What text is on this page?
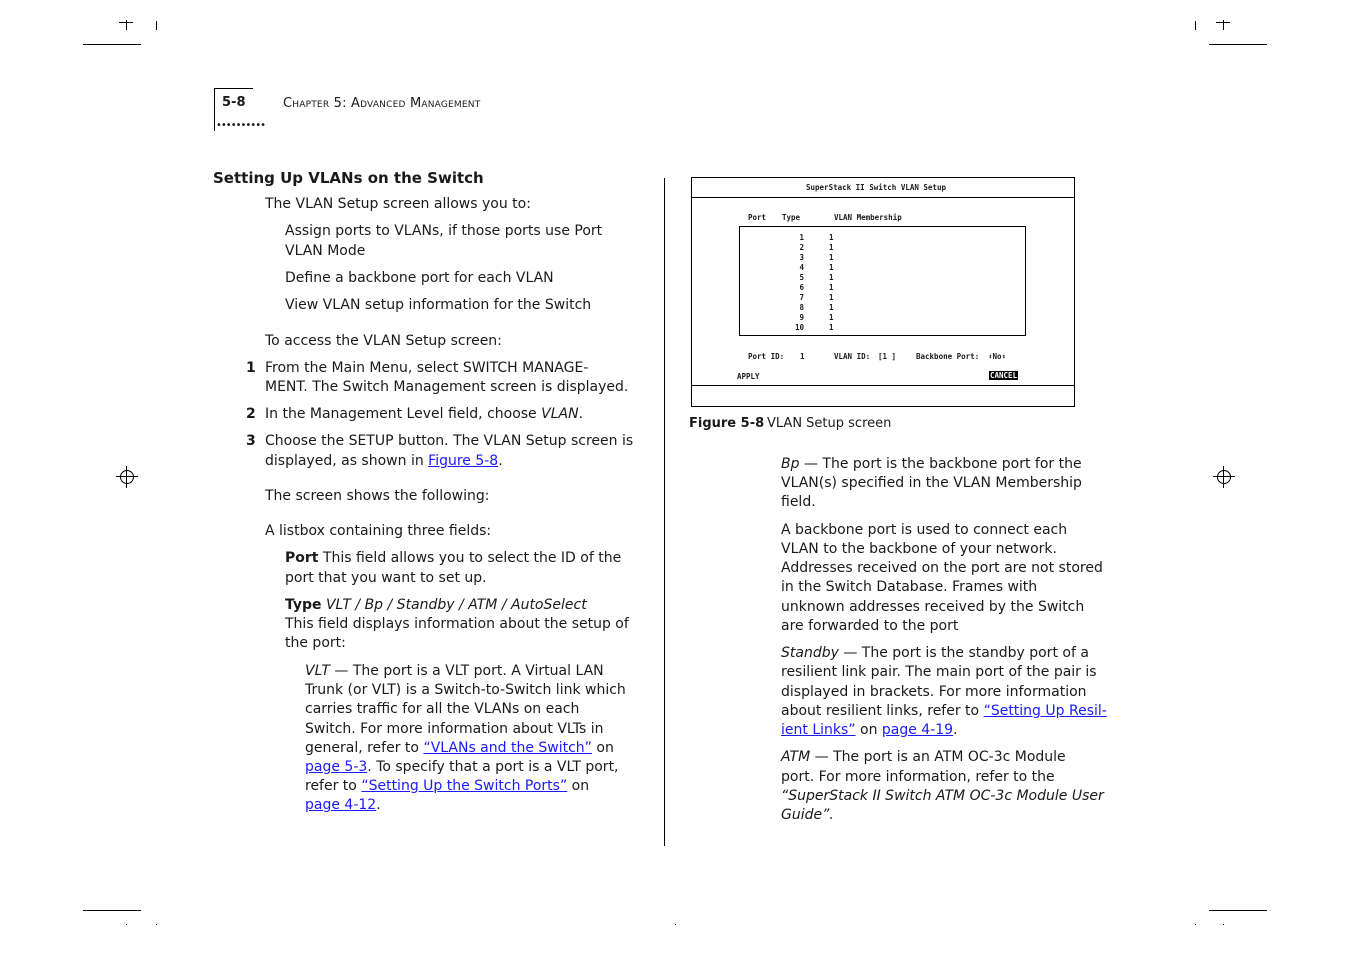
5-8
••••••••••
Chapter 5: Advanced Management
Setting Up VLANs on the Switch
The VLAN Setup screen allows you to:
Assign ports to VLANs, if those ports use Port
VLAN Mode
Define a backbone port for each VLAN
View VLAN setup information for the Switch
To access the VLAN Setup screen:
1 From the Main Menu, select SWITCH MANAGE-
MENT. The Switch Management screen is displayed.
2 In the Management Level field, choose VLAN.
3 Choose the SETUP button. The VLAN Setup screen is
displayed, as shown in Figure 5-8.
The screen shows the following:
A listbox containing three fields:
Port This field allows you to select the ID of the
port that you want to set up.
Type VLT / Bp / Standby / ATM / AutoSelect
This field displays information about the setup of
the port:
VLT — The port is a VLT port. A Virtual LAN
Trunk (or VLT) is a Switch-to-Switch link which
carries traffic for all the VLANs on each
Switch. For more information about VLTs in
general, refer to “VLANs and the Switch” on
page 5-3. To specify that a port is a VLT port,
refer to “Setting Up the Switch Ports” on
page 4-12.
SuperStack II Switch VLAN Setup
Port Type	VLAN Membership
1	1
2	1
3	1
4	1
5	1
6	1
7	1
8	1
9	1
10	1
Port ID: 1	VLAN ID: [1 ]	Backbone Port: ⬍No⬍
APPLY	CANCEL
Figure 5-8 VLAN Setup screen
Bp — The port is the backbone port for the
VLAN(s) specified in the VLAN Membership
field.
A backbone port is used to connect each
VLAN to the backbone of your network.
Addresses received on the port are not stored
in the Switch Database. Frames with
unknown addresses received by the Switch
are forwarded to the port
Standby — The port is the standby port of a
resilient link pair. The main port of the pair is
displayed in brackets. For more information
about resilient links, refer to “Setting Up Resil-
ient Links” on page 4-19.
ATM — The port is an ATM OC-3c Module
port. For more information, refer to the
“SuperStack II Switch ATM OC-3c Module User
Guide”.
